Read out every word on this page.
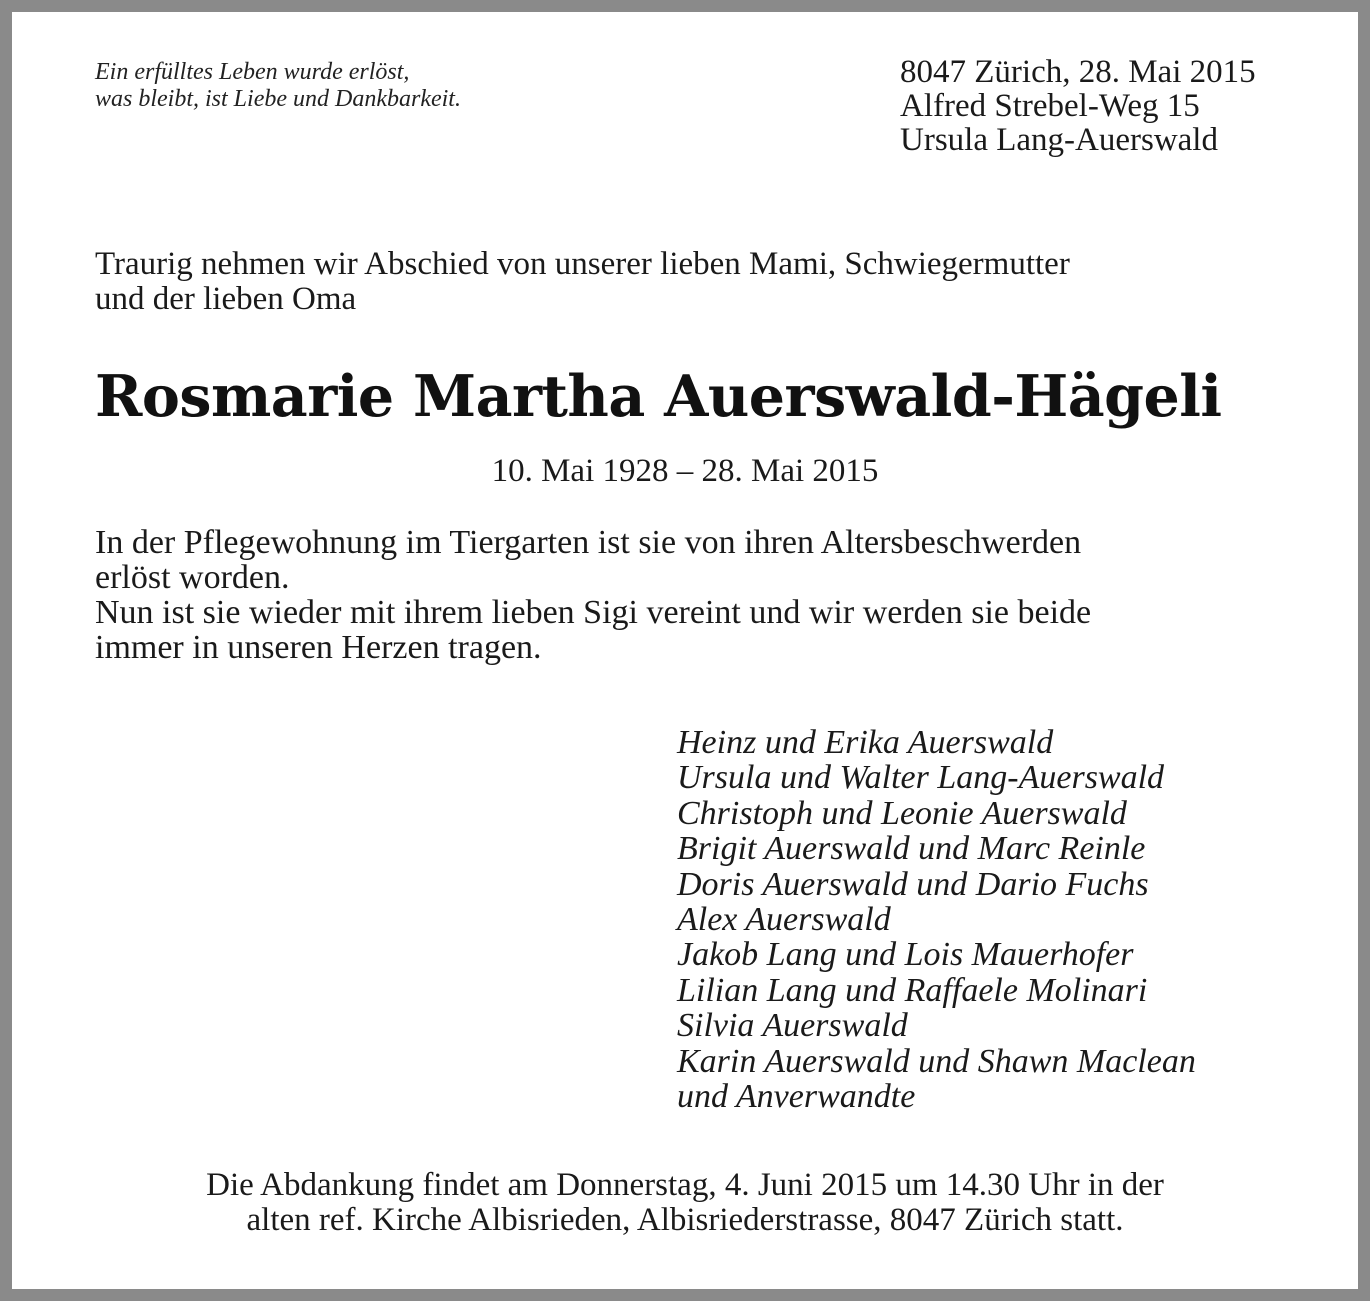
Ein erfülltes Leben wurde erlöst,
was bleibt, ist Liebe und Dankbarkeit.
8047 Zürich, 28. Mai 2015
Alfred Strebel-Weg 15
Ursula Lang-Auerswald
Traurig nehmen wir Abschied von unserer lieben Mami, Schwiegermutter
und der lieben Oma
Rosmarie Martha Auerswald-Hägeli
10. Mai 1928 – 28. Mai 2015
In der Pflegewohnung im Tiergarten ist sie von ihren Altersbeschwerden
erlöst worden.
Nun ist sie wieder mit ihrem lieben Sigi vereint und wir werden sie beide
immer in unseren Herzen tragen.
Heinz und Erika Auerswald
Ursula und Walter Lang-Auerswald
Christoph und Leonie Auerswald
Brigit Auerswald und Marc Reinle
Doris Auerswald und Dario Fuchs
Alex Auerswald
Jakob Lang und Lois Mauerhofer
Lilian Lang und Raffaele Molinari
Silvia Auerswald
Karin Auerswald und Shawn Maclean
und Anverwandte
Die Abdankung findet am Donnerstag, 4. Juni 2015 um 14.30 Uhr in der
alten ref. Kirche Albisrieden, Albisriederstrasse, 8047 Zürich statt.
